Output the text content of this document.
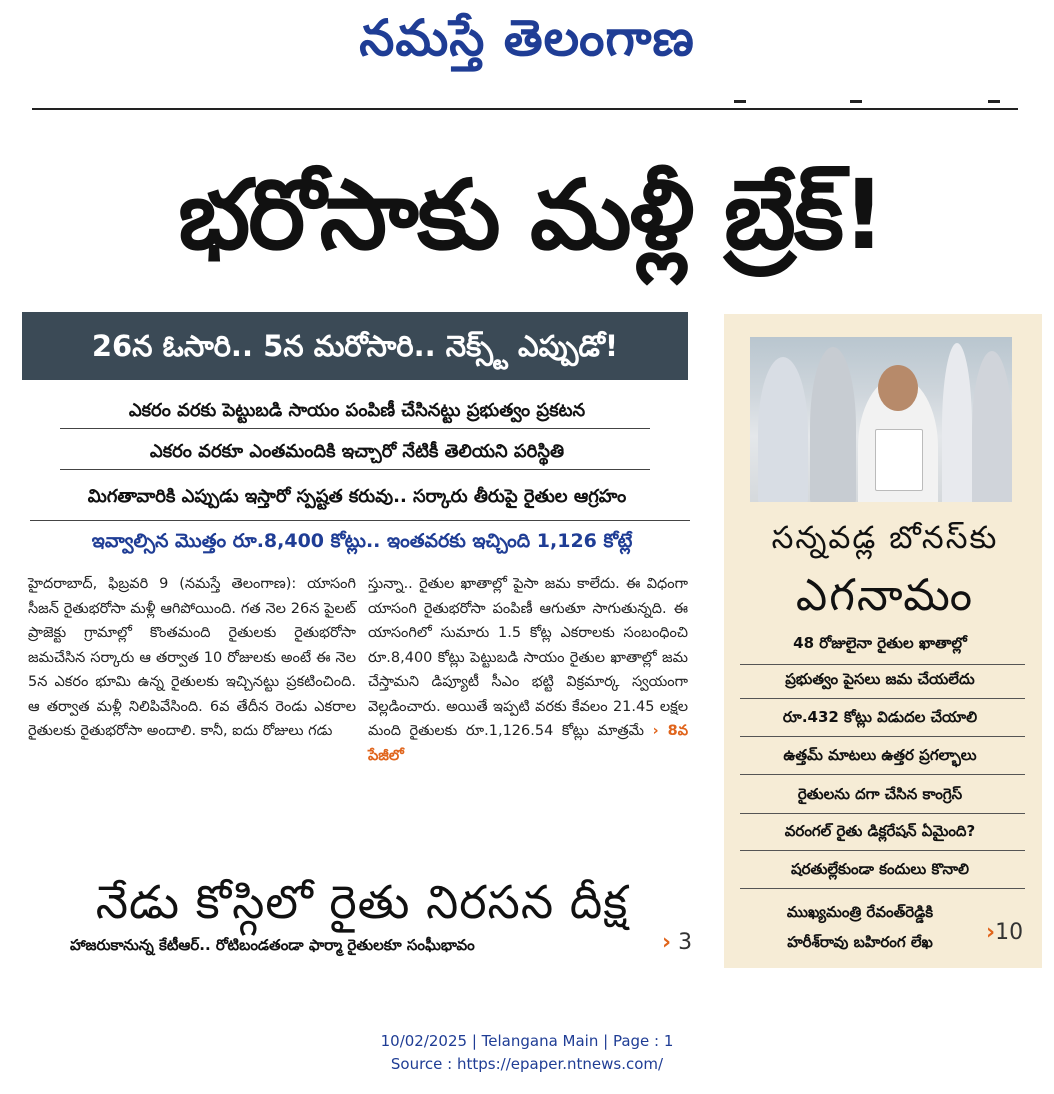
నమస్తే తెలంగాణ
భరోసాకు మళ్లీ బ్రేక్!
26న ఓసారి.. 5న మరోసారి.. నెక్స్ట్ ఎప్పుడో!
ఎకరం వరకు పెట్టుబడి సాయం పంపిణీ చేసినట్టు ప్రభుత్వం ప్రకటన
ఎకరం వరకూ ఎంతమందికి ఇచ్చారో నేటికీ తెలియని పరిస్థితి
మిగతావారికి ఎప్పుడు ఇస్తారో స్పష్టత కరువు.. సర్కారు తీరుపై రైతుల ఆగ్రహం
ఇవ్వాల్సిన మొత్తం రూ.8,400 కోట్లు.. ఇంతవరకు ఇచ్చింది 1,126 కోట్లే
హైదరాబాద్, ఫిబ్రవరి 9 (నమస్తే తెలంగాణ): యాసంగి సీజన్ రైతుభరోసా మళ్లీ ఆగిపోయింది. గత నెల 26న పైలట్ ప్రాజెక్టు గ్రామాల్లో కొంతమంది రైతులకు రైతుభరోసా జమచేసిన సర్కారు ఆ తర్వాత 10 రోజులకు అంటే ఈ నెల 5న ఎకరం భూమి ఉన్న రైతులకు ఇచ్చినట్టు ప్రకటించింది. ఆ తర్వాత మళ్లీ నిలిపివేసింది. 6వ తేదీన రెండు ఎకరాల రైతులకు రైతుభరోసా అందాలి. కానీ, ఐదు రోజులు గడు
స్తున్నా.. రైతుల ఖాతాల్లో పైసా జమ కాలేదు. ఈ విధంగా యాసంగి రైతుభరోసా పంపిణీ ఆగుతూ సాగుతున్నది. ఈ యాసంగిలో సుమారు 1.5 కోట్ల ఎకరాలకు సంబంధించి రూ.8,400 కోట్లు పెట్టుబడి సాయం రైతుల ఖాతాల్లో జమ చేస్తామని డిప్యూటీ సీఎం భట్టి విక్రమార్క స్వయంగా వెల్లడించారు. అయితే ఇప్పటి వరకు కేవలం 21.45 లక్షల మంది రైతులకు రూ.1,126.54 కోట్లు మాత్రమే › 8వ పేజీలో
నేడు కోస్గిలో రైతు నిరసన దీక్ష
హాజరుకానున్న కేటీఆర్.. రోటిబండతండా ఫార్మా రైతులకూ సంఘీభావం	› 3
సన్నవడ్ల బోనస్‌కు
ఎగనామం
48 రోజులైనా రైతుల ఖాతాల్లో
ప్రభుత్వం పైసలు జమ చేయలేదు
రూ.432 కోట్లు విడుదల చేయాలి
ఉత్తమ్ మాటలు ఉత్తర ప్రగల్భాలు
రైతులను దగా చేసిన కాంగ్రెస్
వరంగల్ రైతు డిక్లరేషన్ ఏమైంది?
షరతుల్లేకుండా కందులు కొనాలి
ముఖ్యమంత్రి రేవంత్‌రెడ్డికి
హరీశ్‌రావు బహిరంగ లేఖ	›10
10/02/2025 | Telangana Main | Page : 1
Source : https://epaper.ntnews.com/
